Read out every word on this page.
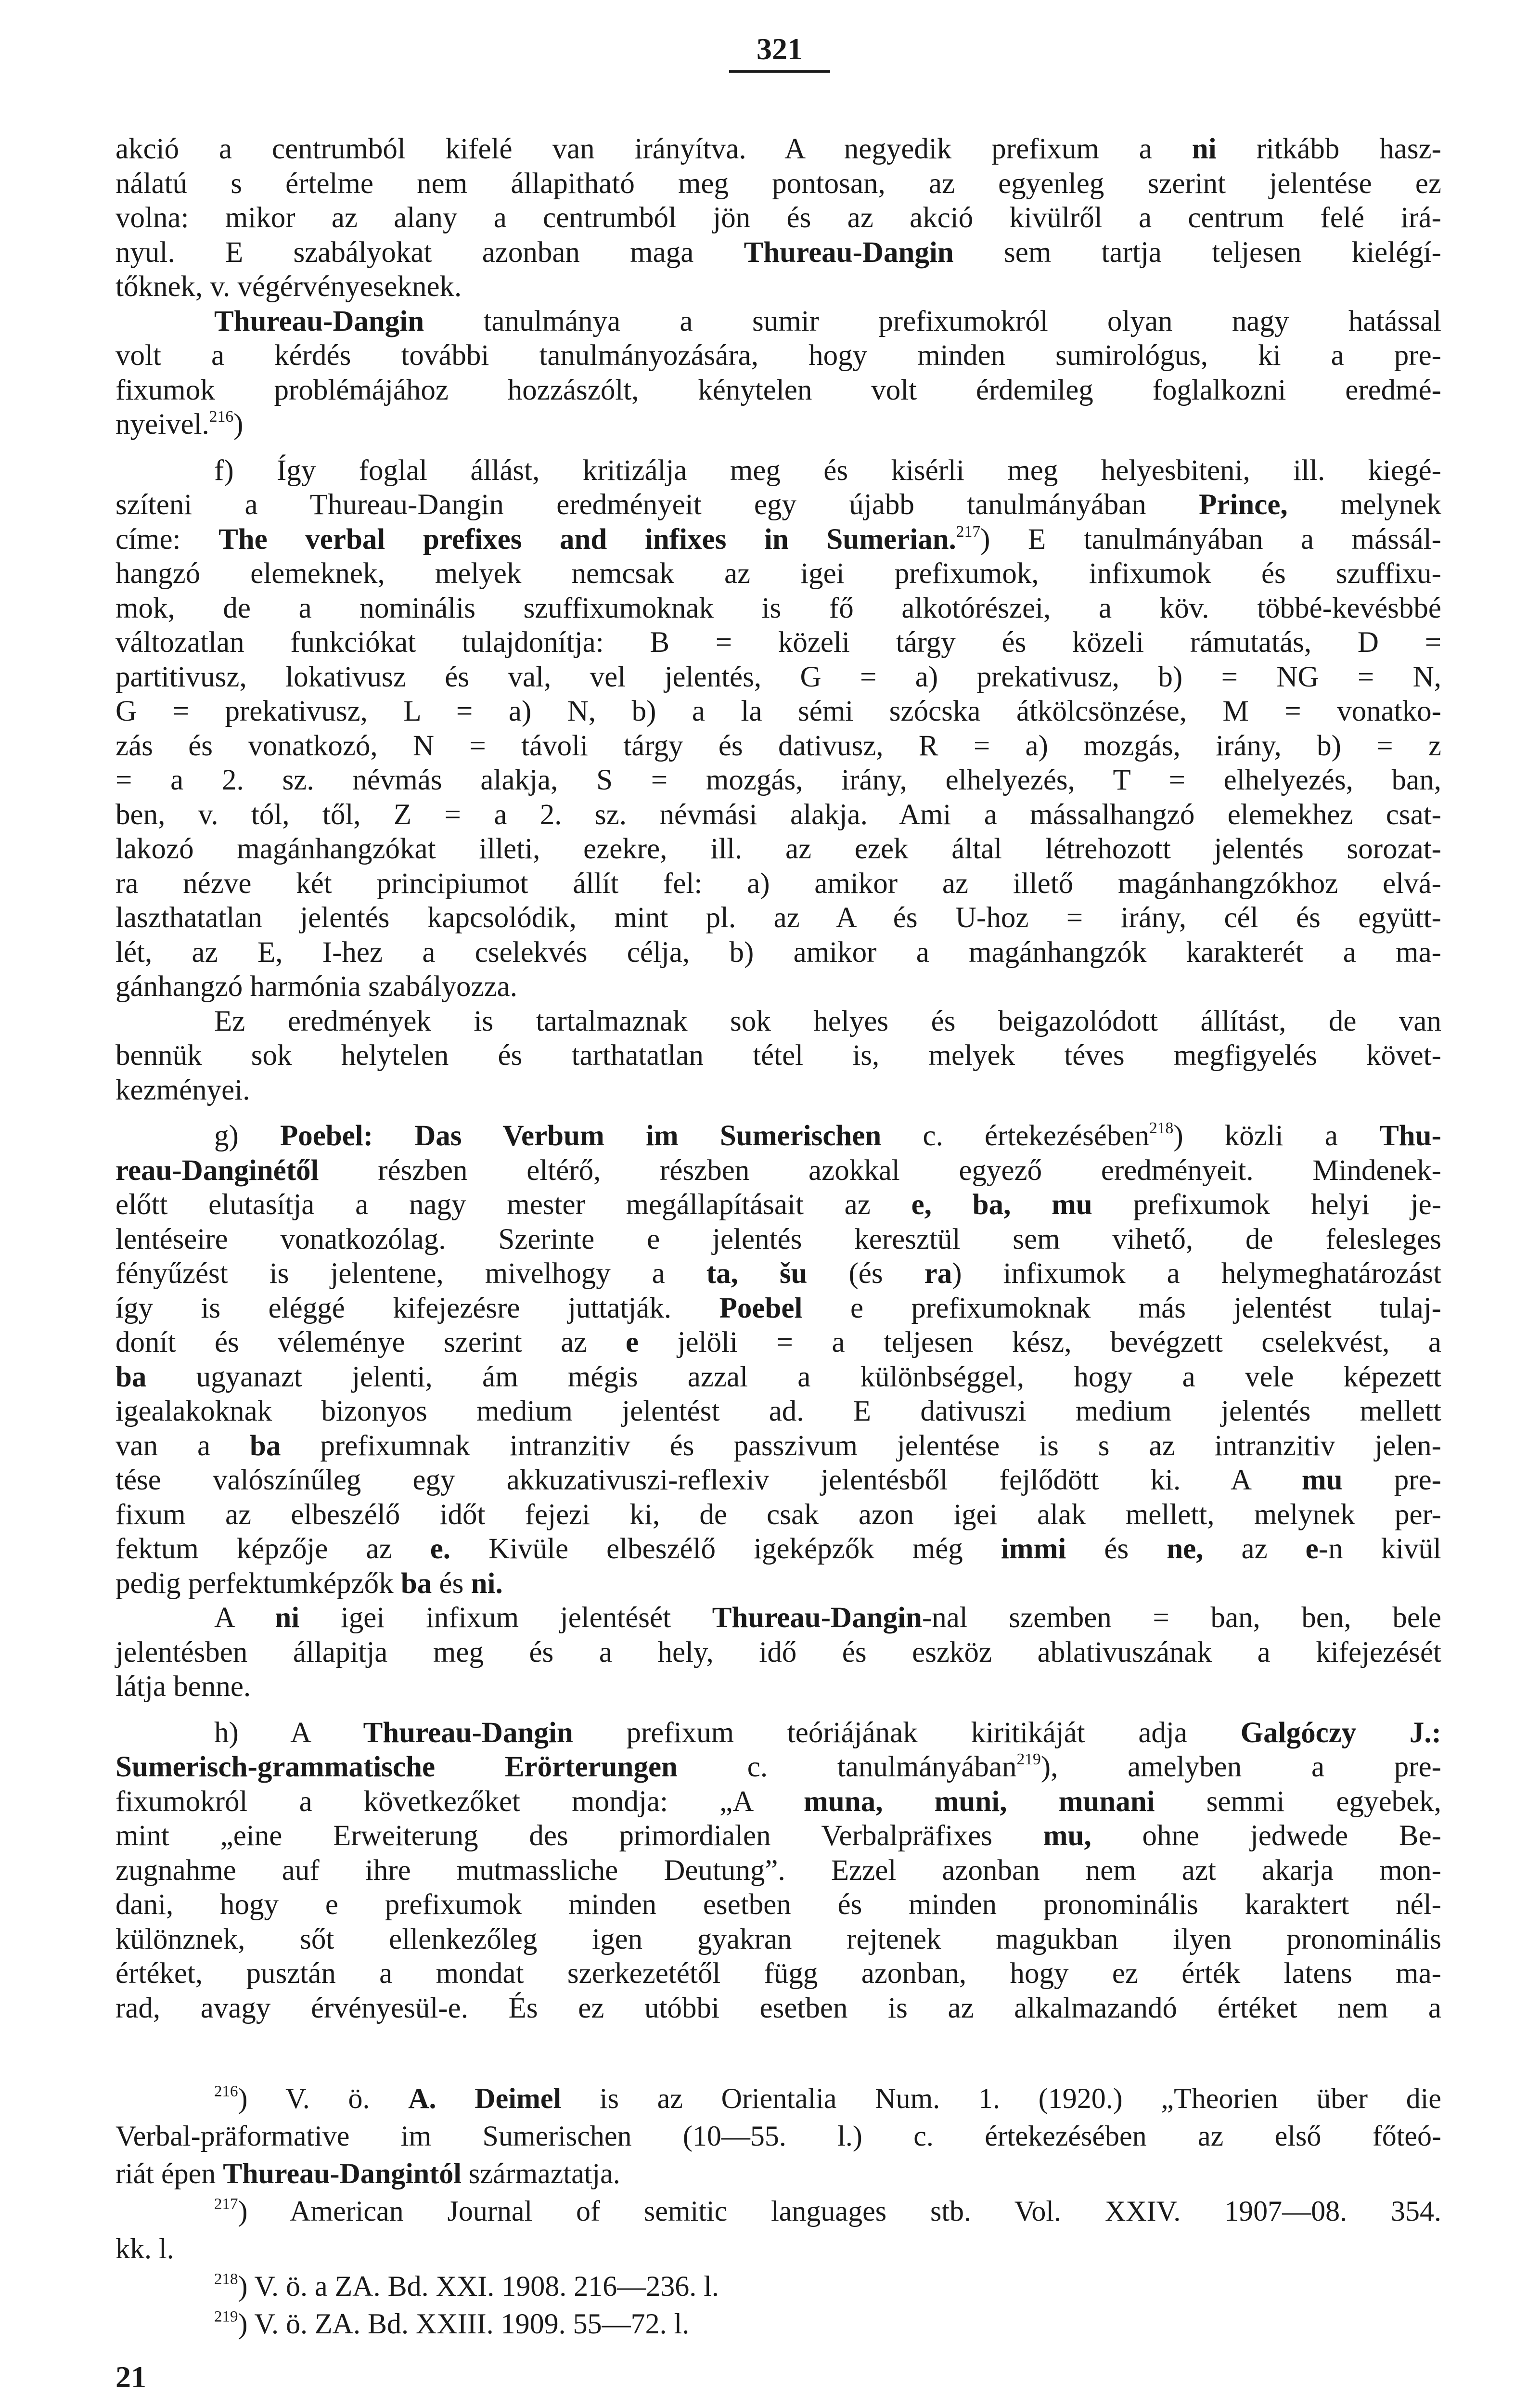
321
akció a centrumból kifelé van irányítva. A negyedik prefixum a ni ritkább hasz-
nálatú s értelme nem állapitható meg pontosan, az egyenleg szerint jelentése ez
volna: mikor az alany a centrumból jön és az akció kivülről a centrum felé irá-
nyul. E szabályokat azonban maga Thureau-Dangin sem tartja teljesen kielégí-
tőknek, v. végérvényeseknek.
Thureau-Dangin tanulmánya a sumir prefixumokról olyan nagy hatással
volt a kérdés további tanulmányozására, hogy minden sumirológus, ki a pre-
fixumok problémájához hozzászólt, kénytelen volt érdemileg foglalkozni eredmé-
nyeivel.$^{216}$)
f) Így foglal állást, kritizálja meg és kisérli meg helyesbiteni, ill. kiegé-
szíteni a Thureau-Dangin eredményeit egy újabb tanulmányában Prince, melynek
címe: The verbal prefixes and infixes in Sumerian.$^{217}$) E tanulmányában a mássál-
hangzó elemeknek, melyek nemcsak az igei prefixumok, infixumok és szuffixu-
mok, de a nominális szuffixumoknak is fő alkotórészei, a köv. többé-kevésbbé
változatlan funkciókat tulajdonítja: B = közeli tárgy és közeli rámutatás, D =
partitivusz, lokativusz és val, vel jelentés, G = a) prekativusz, b) = NG = N,
G = prekativusz, L = a) N, b) a la sémi szócska átkölcsönzése, M = vonatko-
zás és vonatkozó, N = távoli tárgy és dativusz, R = a) mozgás, irány, b) = z
= a 2. sz. névmás alakja, S = mozgás, irány, elhelyezés, T = elhelyezés, ban,
ben, v. tól, től, Z = a 2. sz. névmási alakja. Ami a mássalhangzó elemekhez csat-
lakozó magánhangzókat illeti, ezekre, ill. az ezek által létrehozott jelentés sorozat-
ra nézve két principiumot állít fel: a) amikor az illető magánhangzókhoz elvá-
laszthatatlan jelentés kapcsolódik, mint pl. az A és U-hoz = irány, cél és együtt-
lét, az E, I-hez a cselekvés célja, b) amikor a magánhangzók karakterét a ma-
gánhangzó harmónia szabályozza.
Ez eredmények is tartalmaznak sok helyes és beigazolódott állítást, de van
bennük sok helytelen és tarthatatlan tétel is, melyek téves megfigyelés követ-
kezményei.
g) Poebel: Das Verbum im Sumerischen c. értekezésében$^{218}$) közli a Thu-
reau-Danginétől részben eltérő, részben azokkal egyező eredményeit. Mindenek-
előtt elutasítja a nagy mester megállapításait az e, ba, mu prefixumok helyi je-
lentéseire vonatkozólag. Szerinte e jelentés keresztül sem vihető, de felesleges
fényűzést is jelentene, mivelhogy a ta, šu (és ra) infixumok a helymeghatározást
így is eléggé kifejezésre juttatják. Poebel e prefixumoknak más jelentést tulaj-
donít és véleménye szerint az e jelöli = a teljesen kész, bevégzett cselekvést, a
ba ugyanazt jelenti, ám mégis azzal a különbséggel, hogy a vele képezett
igealakoknak bizonyos medium jelentést ad. E dativuszi medium jelentés mellett
van a ba prefixumnak intranzitiv és passzivum jelentése is s az intranzitiv jelen-
tése valószínűleg egy akkuzativuszi-reflexiv jelentésből fejlődött ki. A mu pre-
fixum az elbeszélő időt fejezi ki, de csak azon igei alak mellett, melynek per-
fektum képzője az e. Kivüle elbeszélő igeképzők még immi és ne, az e-n kivül
pedig perfektumképzők ba és ni.
A ni igei infixum jelentését Thureau-Dangin-nal szemben = ban, ben, bele
jelentésben állapitja meg és a hely, idő és eszköz ablativuszának a kifejezését
látja benne.
h) A Thureau-Dangin prefixum teóriájának kiritikáját adja Galgóczy J.:
Sumerisch-grammatische Erörterungen c. tanulmányában$^{219}$), amelyben a pre-
fixumokról a következőket mondja: „A muna, muni, munani semmi egyebek,
mint „eine Erweiterung des primordialen Verbalpräfixes mu, ohne jedwede Be-
zugnahme auf ihre mutmassliche Deutung”. Ezzel azonban nem azt akarja mon-
dani, hogy e prefixumok minden esetben és minden pronominális karaktert nél-
különznek, sőt ellenkezőleg igen gyakran rejtenek magukban ilyen pronominális
értéket, pusztán a mondat szerkezetétől függ azonban, hogy ez érték latens ma-
rad, avagy érvényesül-e. És ez utóbbi esetben is az alkalmazandó értéket nem a
$^{216}$) V. ö. A. Deimel is az Orientalia Num. 1. (1920.) „Theorien über die
Verbal-präformative im Sumerischen (10—55. l.) c. értekezésében az első főteó-
riát épen Thureau-Dangintól származtatja.
$^{217}$) American Journal of semitic languages stb. Vol. XXIV. 1907—08. 354.
kk. l.
$^{218}$) V. ö. a ZA. Bd. XXI. 1908. 216—236. l.
$^{219}$) V. ö. ZA. Bd. XXIII. 1909. 55—72. l.
21
